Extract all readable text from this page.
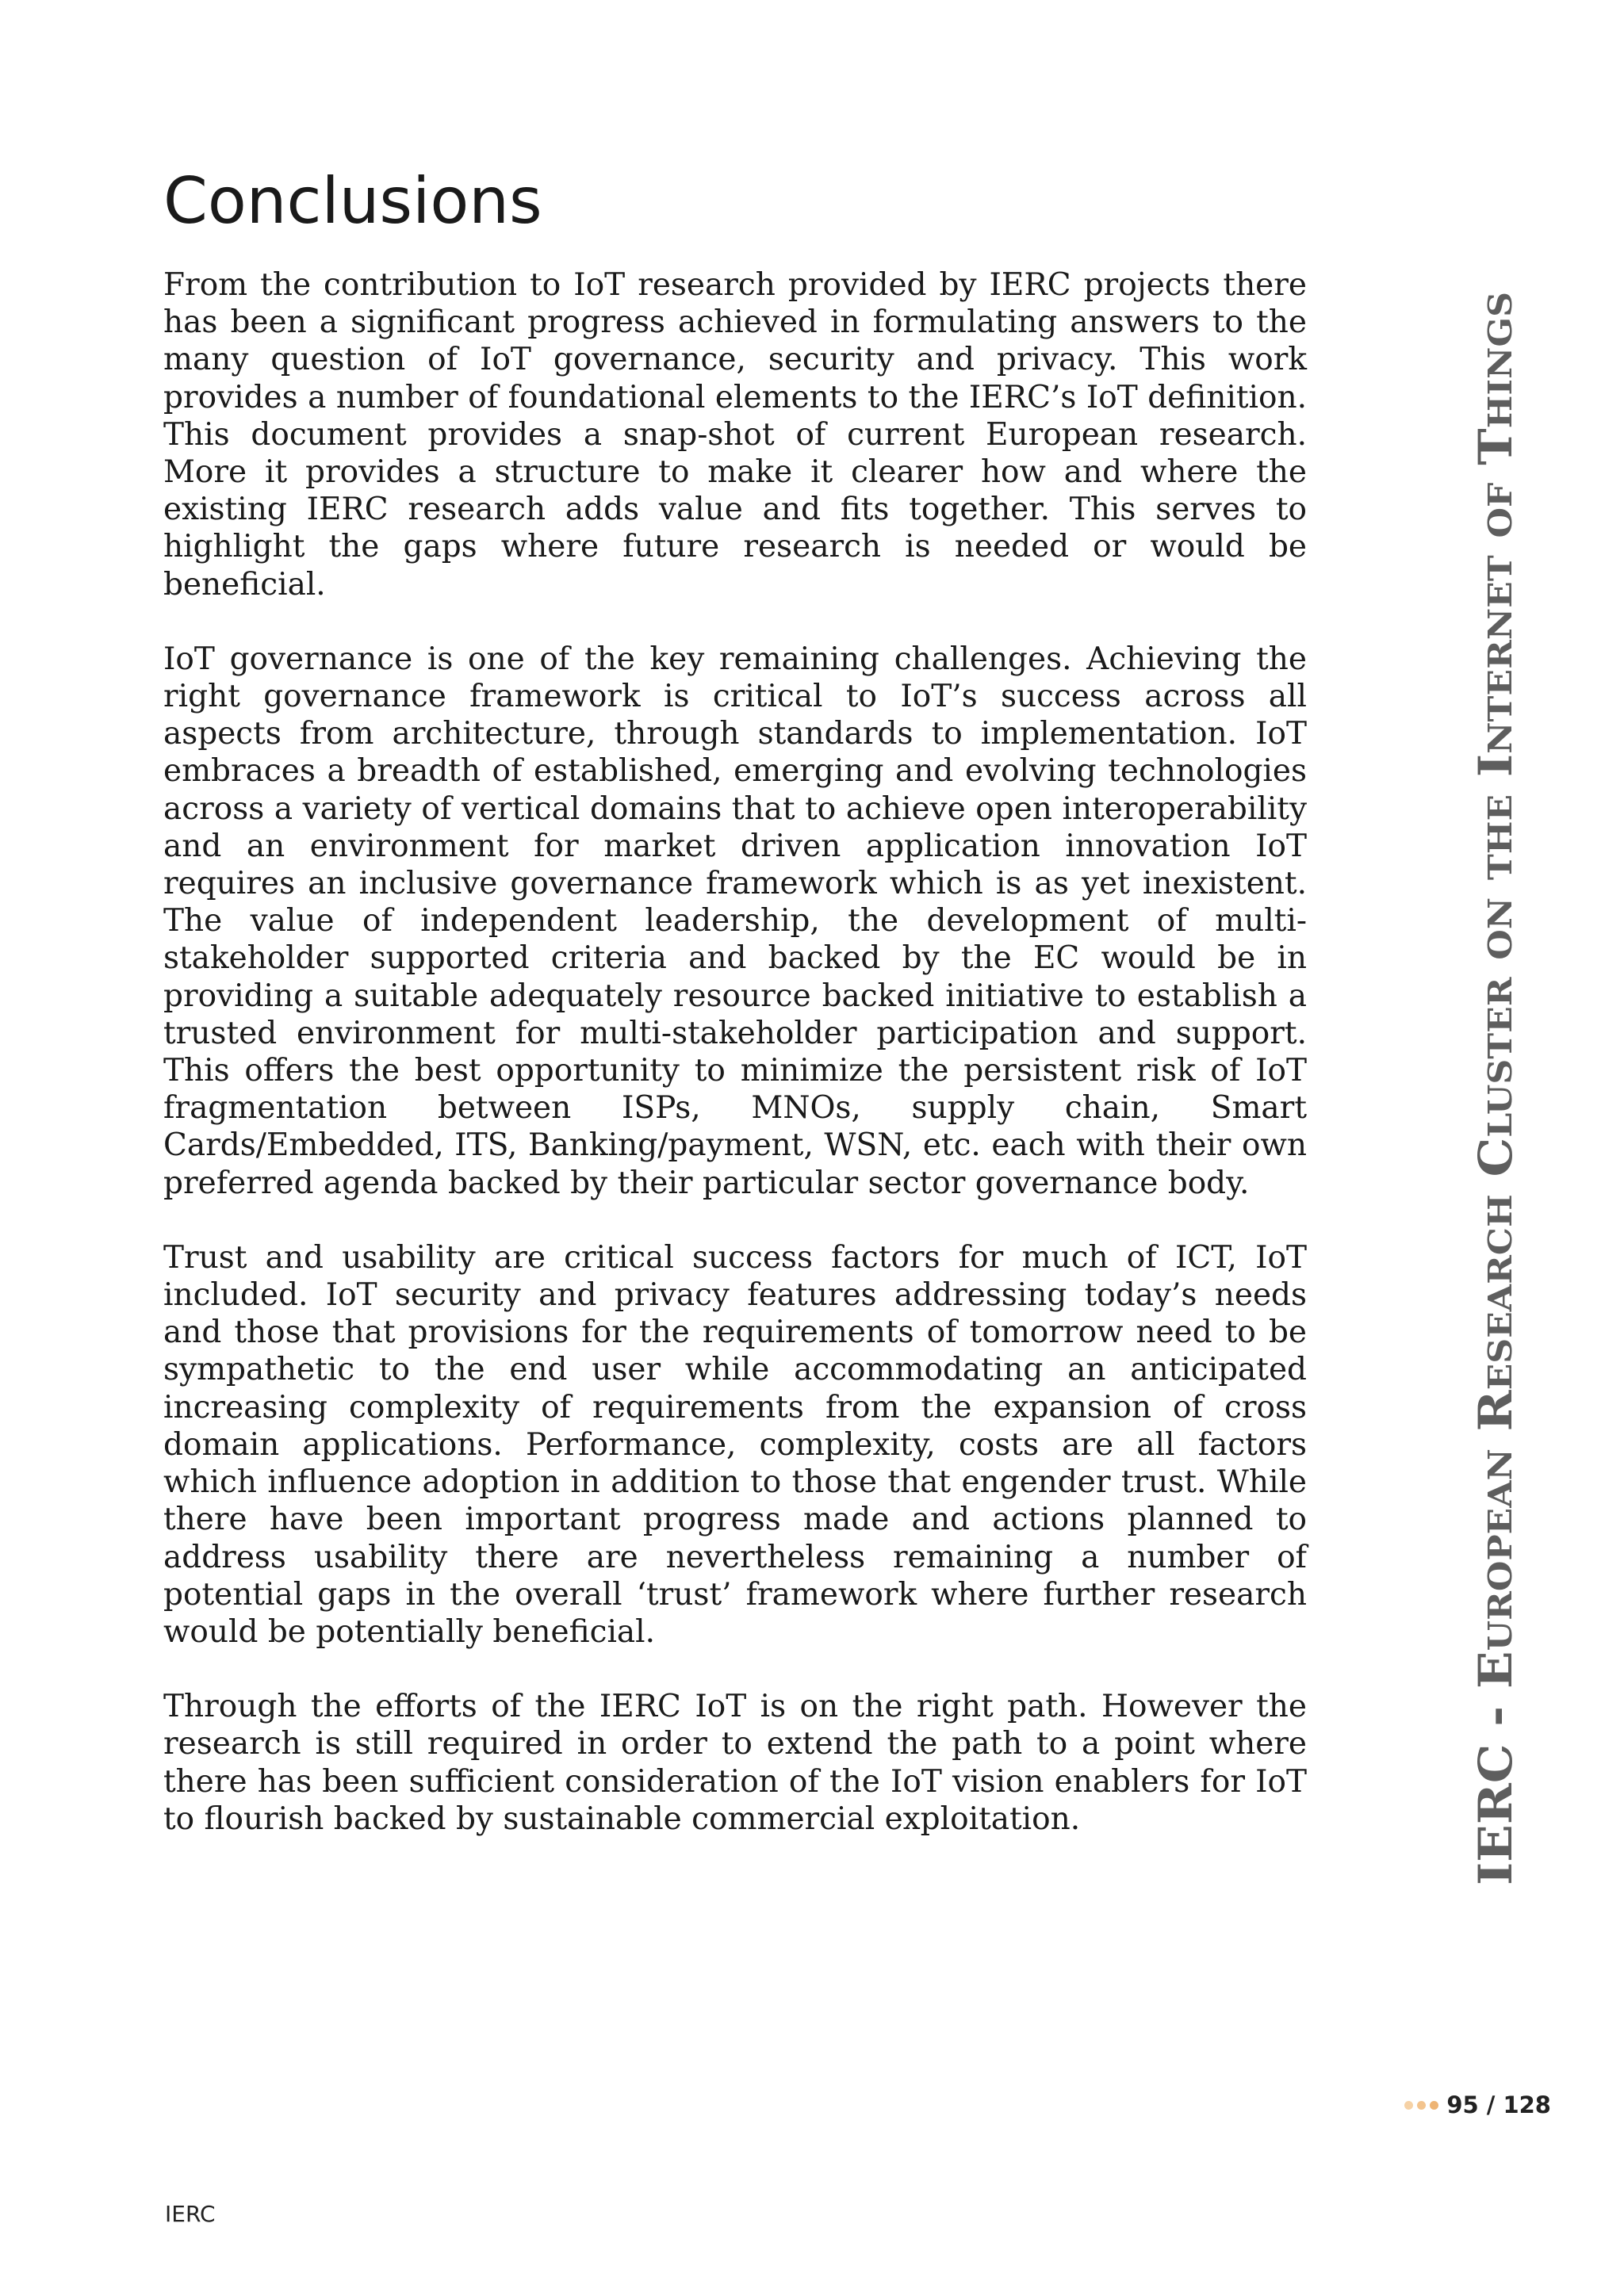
Conclusions

From the contribution to IoT research provided by IERC projects there has been a significant progress achieved in formulating answers to the many question of IoT governance, security and privacy. This work provides a number of foundational elements to the IERC’s IoT definition. This document provides a snap-shot of current European research. More it provides a structure to make it clearer how and where the existing IERC research adds value and fits together. This serves to highlight the gaps where future research is needed or would be beneficial.

IoT governance is one of the key remaining challenges. Achieving the right governance framework is critical to IoT’s success across all aspects from architecture, through standards to implementation. IoT embraces a breadth of established, emerging and evolving technologies across a variety of vertical domains that to achieve open interoperability and an environment for market driven application innovation IoT requires an inclusive governance framework which is as yet inexistent. The value of independent leadership, the development of multi-stakeholder supported criteria and backed by the EC would be in providing a suitable adequately resource backed initiative to establish a trusted environment for multi-stakeholder participation and support. This offers the best opportunity to minimize the persistent risk of IoT fragmentation between ISPs, MNOs, supply chain, Smart Cards/Embedded, ITS, Banking/payment, WSN, etc. each with their own preferred agenda backed by their particular sector governance body.

Trust and usability are critical success factors for much of ICT, IoT included. IoT security and privacy features addressing today’s needs and those that provisions for the requirements of tomorrow need to be sympathetic to the end user while accommodating an anticipated increasing complexity of requirements from the expansion of cross domain applications. Performance, complexity, costs are all factors which influence adoption in addition to those that engender trust. While there have been important progress made and actions planned to address usability there are nevertheless remaining a number of potential gaps in the overall ‘trust’ framework where further research would be potentially beneficial.

Through the efforts of the IERC IoT is on the right path. However the research is still required in order to extend the path to a point where there has been sufficient consideration of the IoT vision enablers for IoT to flourish backed by sustainable commercial exploitation.	IERC - European Research Cluster on the Internet of Things
95 / 128
IERC
